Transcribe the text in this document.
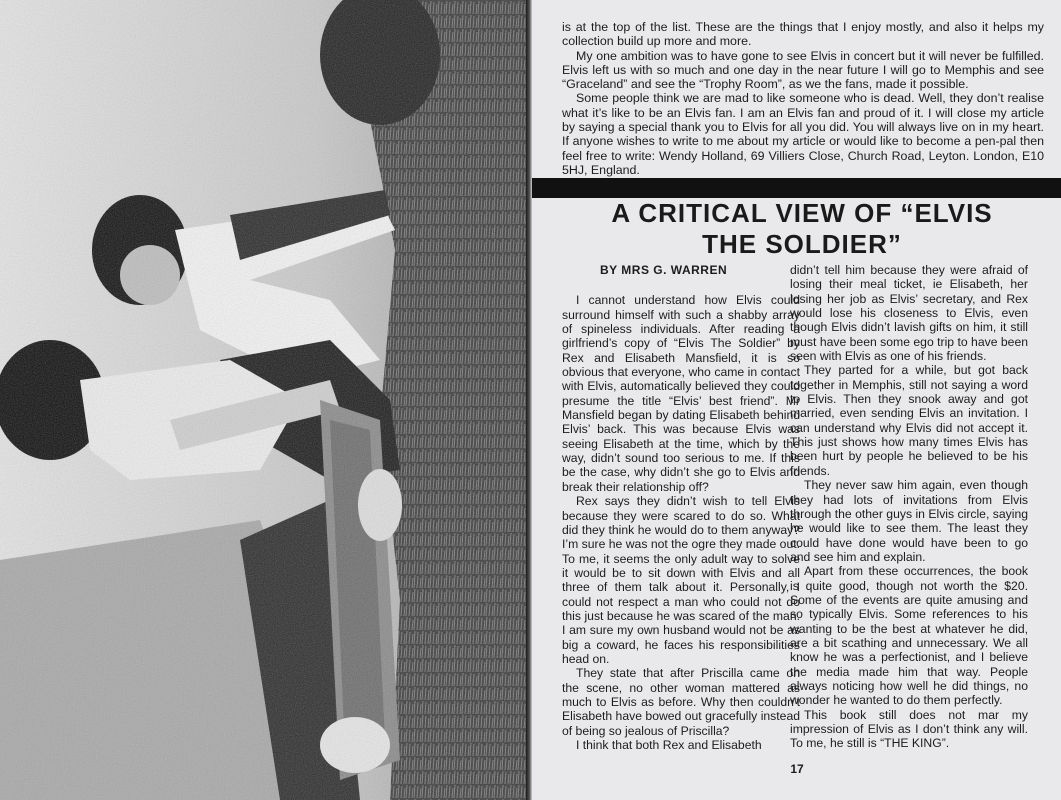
is at the top of the list. These are the things that I enjoy mostly, and also it helps my collection build up more and more.

My one ambition was to have gone to see Elvis in concert but it will never be fulfilled. Elvis left us with so much and one day in the near future I will go to Memphis and see “Graceland” and see the “Trophy Room”, as we the fans, made it possible.

Some people think we are mad to like someone who is dead. Well, they don’t realise what it’s like to be an Elvis fan. I am an Elvis fan and proud of it. I will close my article by saying a special thank you to Elvis for all you did. You will always live on in my heart. If anyone wishes to write to me about my article or would like to become a pen-pal then feel free to write: Wendy Holland, 69 Villiers Close, Church Road, Leyton. London, E10 5HJ, England.

A CRITICAL VIEW OF “ELVIS
THE SOLDIER”
BY MRS G. WARREN

I cannot understand how Elvis could surround himself with such a shabby array of spineless individuals. After reading a girlfriend’s copy of “Elvis The Soldier” by Rex and Elisabeth Mansfield, it is so obvious that everyone, who came in contact with Elvis, automatically believed they could presume the title “Elvis’ best friend”. Mr Mansfield began by dating Elisabeth behind Elvis’ back. This was because Elvis was seeing Elisabeth at the time, which by the way, didn’t sound too serious to me. If this be the case, why didn’t she go to Elvis and break their relationship off?

Rex says they didn’t wish to tell Elvis because they were scared to do so. What did they think he would do to them anyway? I’m sure he was not the ogre they made out. To me, it seems the only adult way to solve it would be to sit down with Elvis and all three of them talk about it. Personally, I could not respect a man who could not do this just because he was scared of the man. I am sure my own husband would not be as big a coward, he faces his responsibilities head on.

They state that after Priscilla came on the scene, no other woman mattered as much to Elvis as before. Why then couldn’t Elisabeth have bowed out gracefully instead of being so jealous of Priscilla?

I think that both Rex and Elisabeth

didn’t tell him because they were afraid of losing their meal ticket, ie Elisabeth, her losing her job as Elvis’ secretary, and Rex would lose his closeness to Elvis, even though Elvis didn’t lavish gifts on him, it still must have been some ego trip to have been seen with Elvis as one of his friends.

They parted for a while, but got back together in Memphis, still not saying a word to Elvis. Then they snook away and got married, even sending Elvis an invitation. I can understand why Elvis did not accept it. This just shows how many times Elvis has been hurt by people he believed to be his friends.

They never saw him again, even though they had lots of invitations from Elvis through the other guys in Elvis circle, saying he would like to see them. The least they could have done would have been to go and see him and explain.

Apart from these occurrences, the book is quite good, though not worth the $20. Some of the events are quite amusing and so typically Elvis. Some references to his wanting to be the best at whatever he did, are a bit scathing and unnecessary. We all know he was a perfectionist, and I believe the media made him that way. People always noticing how well he did things, no wonder he wanted to do them perfectly.

This book still does not mar my impression of Elvis as I don’t think any will. To me, he still is “THE KING”.

17
